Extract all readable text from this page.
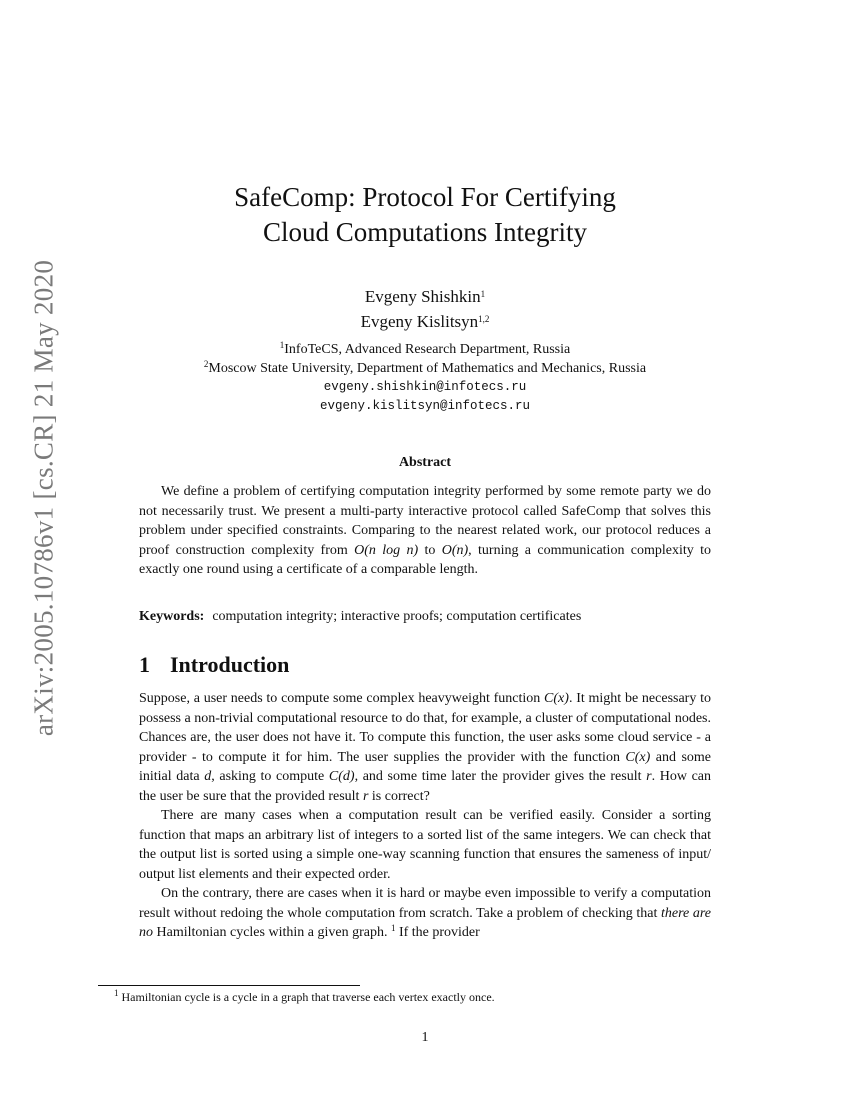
arXiv:2005.10786v1 [cs.CR] 21 May 2020
SafeComp: Protocol For Certifying
Cloud Computations Integrity
Evgeny Shishkin$^1$
Evgeny Kislitsyn$^{1,2}$
$^1$InfoTeCS, Advanced Research Department, Russia
$^2$Moscow State University, Department of Mathematics and Mechanics, Russia
evgeny.shishkin@infotecs.ru
evgeny.kislitsyn@infotecs.ru
Abstract

We define a problem of certifying computation integrity performed by some remote party we do not necessarily trust. We present a multi-party interactive protocol called SafeComp that solves this problem under specified constraints. Comparing to the nearest related work, our protocol reduces a proof construction complexity from O(n log n) to O(n), turning a communication complexity to exactly one round using a certificate of a comparable length.

Keywords: computation integrity; interactive proofs; computation certificates

1 Introduction

Suppose, a user needs to compute some complex heavyweight function C(x). It might be necessary to possess a non-trivial computational resource to do that, for example, a cluster of computational nodes. Chances are, the user does not have it. To compute this function, the user asks some cloud service - a provider - to compute it for him. The user supplies the provider with the function C(x) and some initial data d, asking to compute C(d), and some time later the provider gives the result r. How can the user be sure that the provided result r is correct?

There are many cases when a computation result can be verified easily. Consider a sorting function that maps an arbitrary list of integers to a sorted list of the same integers. We can check that the output list is sorted using a simple one-way scanning function that ensures the sameness of input/ output list elements and their expected order.

On the contrary, there are cases when it is hard or maybe even impossible to verify a computation result without redoing the whole computation from scratch. Take a problem of checking that there are no Hamiltonian cycles within a given graph. $^1$ If the provider

$^1$ Hamiltonian cycle is a cycle in a graph that traverse each vertex exactly once.
1
